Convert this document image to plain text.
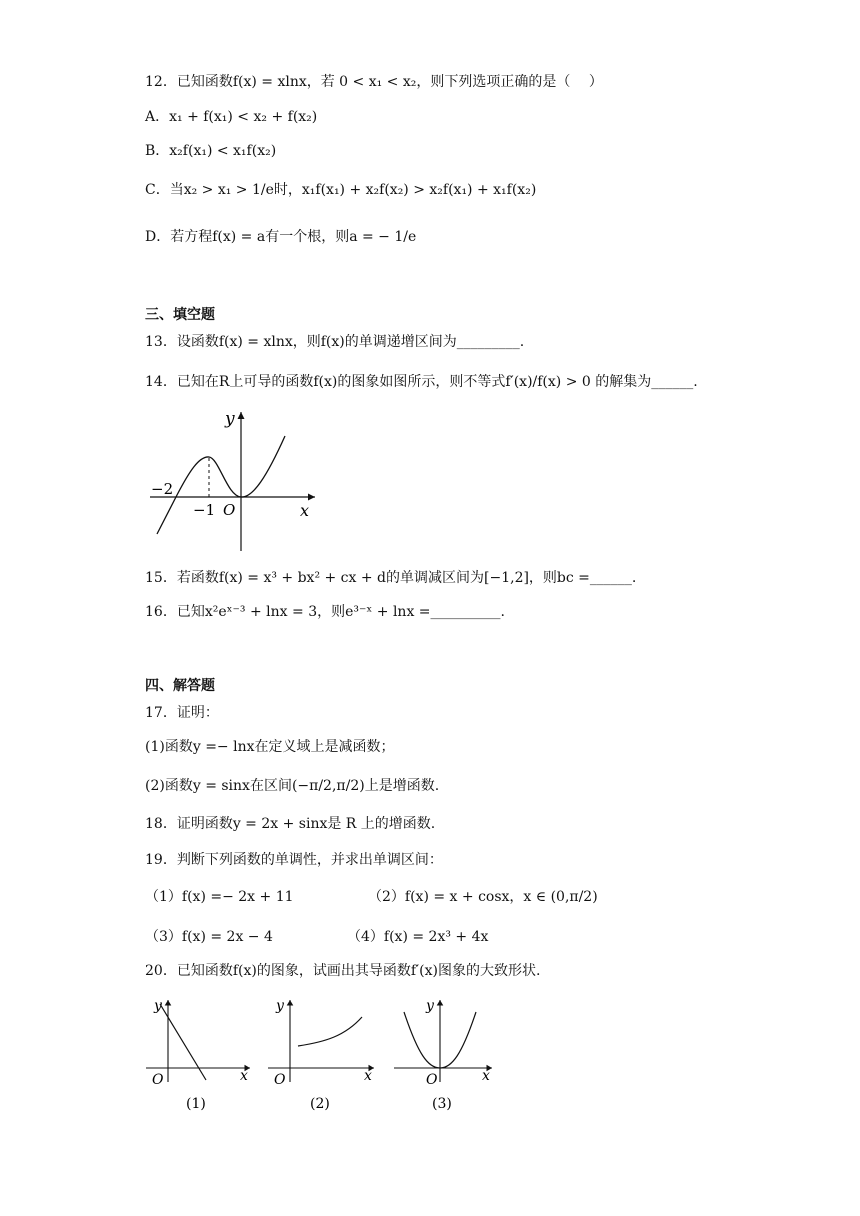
12．已知函数f(x) = xlnx，若 0 < x₁ < x₂，则下列选项正确的是（　 ）
A．x₁ + f(x₁) < x₂ + f(x₂)
B．x₂f(x₁) < x₁f(x₂)
C．当x₂ > x₁ > 1/e时，x₁f(x₁) + x₂f(x₂) > x₂f(x₁) + x₁f(x₂)
D．若方程f(x) = a有一个根，则a = − 1/e
三、填空题
13．设函数f(x) = xlnx，则f(x)的单调递增区间为_________.
14．已知在R上可导的函数f(x)的图象如图所示，则不等式f′(x)/f(x) > 0 的解集为______.
y
x
O
−2
−1
15．若函数f(x) = x³ + bx² + cx + d的单调减区间为[−1,2]，则bc =______.
16．已知x²eˣ⁻³ + lnx = 3，则e³⁻ˣ + lnx =__________.
四、解答题
17．证明：
(1)函数y =− lnx在定义域上是减函数；
(2)函数y = sinx在区间(−π/2,π/2)上是增函数.
18．证明函数y = 2x + sinx是 R 上的增函数.
19．判断下列函数的单调性，并求出单调区间：
（1）f(x) =− 2x + 11	（2）f(x) = x + cosx，x ∈ (0,π/2)
（3）f(x) = 2x − 4	（4）f(x) = 2x³ + 4x
20．已知函数f(x)的图象，试画出其导函数f′(x)图象的大致形状.
y
x
O
(1)
y
x
O
(2)
y
x
O
(3)
